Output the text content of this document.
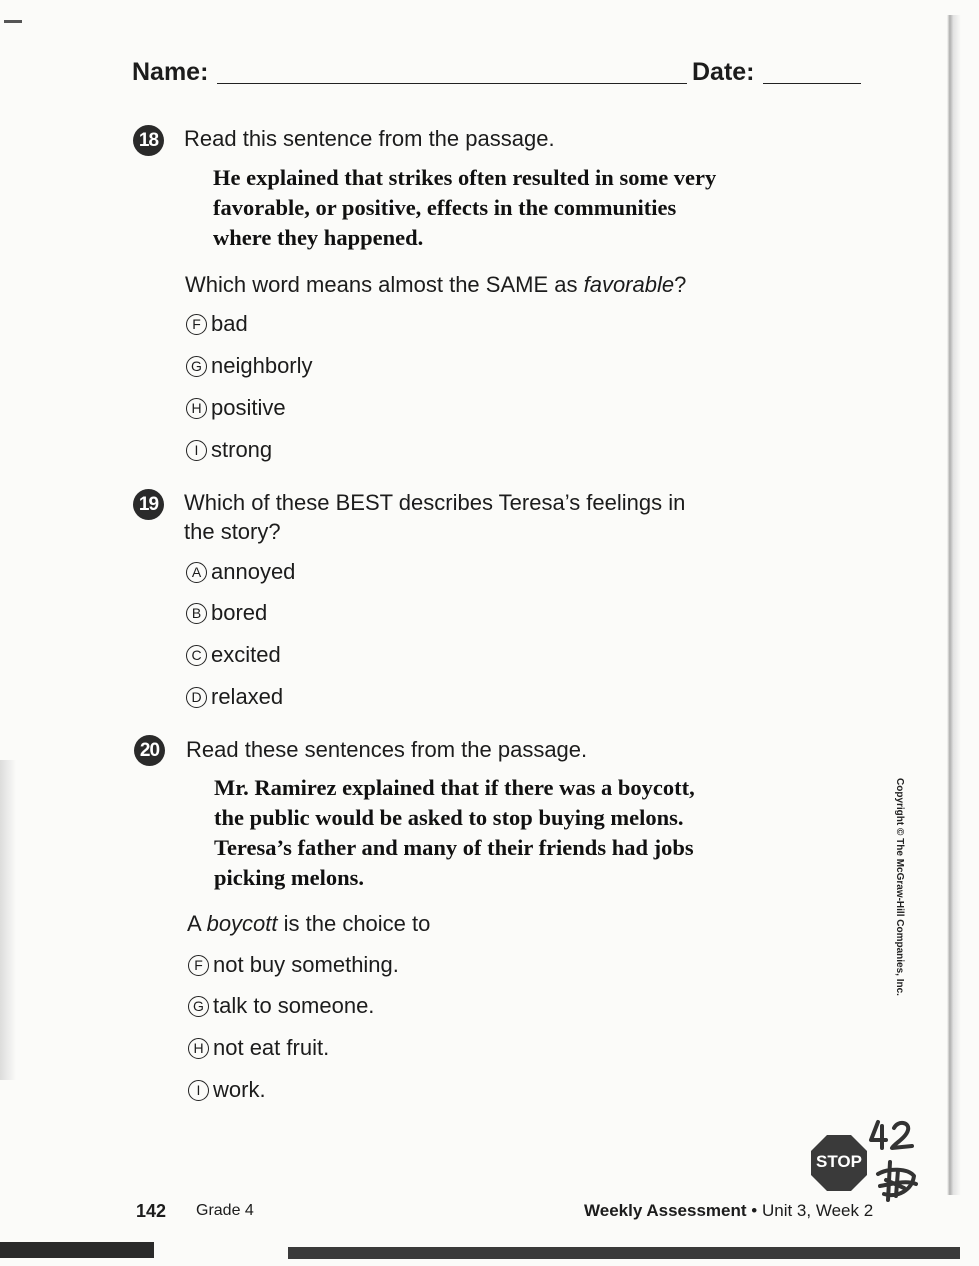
Name:	Date:
18 Read this sentence from the passage.
He explained that strikes often resulted in some very
favorable, or positive, effects in the communities
where they happened.
Which word means almost the SAME as favorable?
F bad
G neighborly
H positive
I strong
19 Which of these BEST describes Teresa’s feelings in
the story?
A annoyed
B bored
C excited
D relaxed
20 Read these sentences from the passage.
Mr. Ramirez explained that if there was a boycott,
the public would be asked to stop buying melons.
Teresa’s father and many of their friends had jobs
picking melons.
A boycott is the choice to
F not buy something.
G talk to someone.
H not eat fruit.
I work.
Copyright © The McGraw-Hill Companies, Inc.
STOP
142 Grade 4	Weekly Assessment • Unit 3, Week 2
